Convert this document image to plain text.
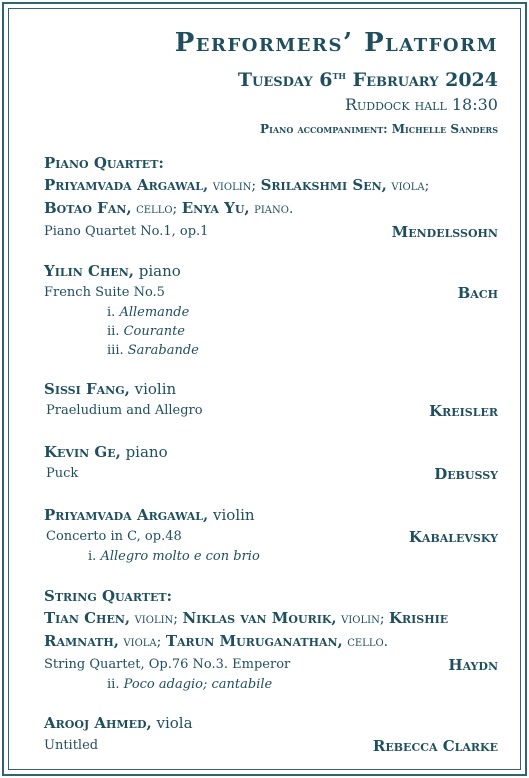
Performers’ Platform
Tuesday 6th February 2024
Ruddock hall 18:30
Piano accompaniment: Michelle Sanders
Piano Quartet:
Priyamvada Argawal, violin; Srilakshmi Sen, viola;
Botao Fan, cello; Enya Yu, piano.
Piano Quartet No.1, op.1	Mendelssohn
Yilin Chen, piano
French Suite No.5	Bach
i. Allemande
ii. Courante
iii. Sarabande
Sissi Fang, violin
Praeludium and Allegro	Kreisler
Kevin Ge, piano
Puck	Debussy
Priyamvada Argawal, violin
Concerto in C, op.48	Kabalevsky
i. Allegro molto e con brio
String Quartet:
Tian Chen, violin; Niklas van Mourik, violin; Krishie
Ramnath, viola; Tarun Muruganathan, cello.
String Quartet, Op.76 No.3. Emperor	Haydn
ii. Poco adagio; cantabile
Arooj Ahmed, viola
Untitled	Rebecca Clarke
